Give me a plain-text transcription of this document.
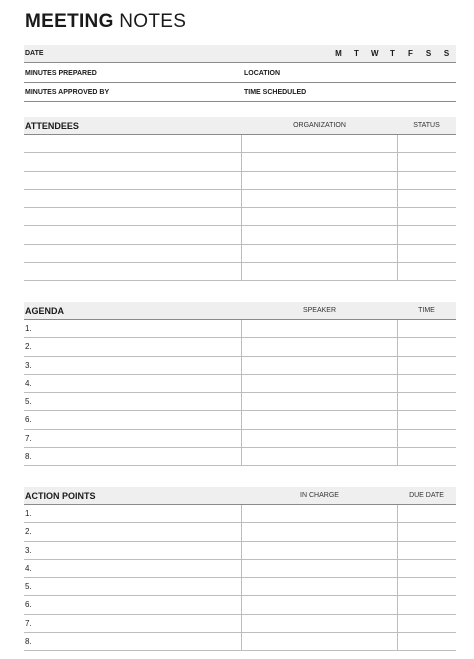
MEETING NOTES
DATE	M T W T F S S
MINUTES PREPARED	LOCATION
MINUTES APPROVED BY	TIME SCHEDULED
ATTENDEES	ORGANIZATION	STATUS
AGENDA	SPEAKER	TIME
1.
2.
3.
4.
5.
6.
7.
8.
ACTION POINTS	IN CHARGE	DUE DATE
1.
2.
3.
4.
5.
6.
7.
8.
